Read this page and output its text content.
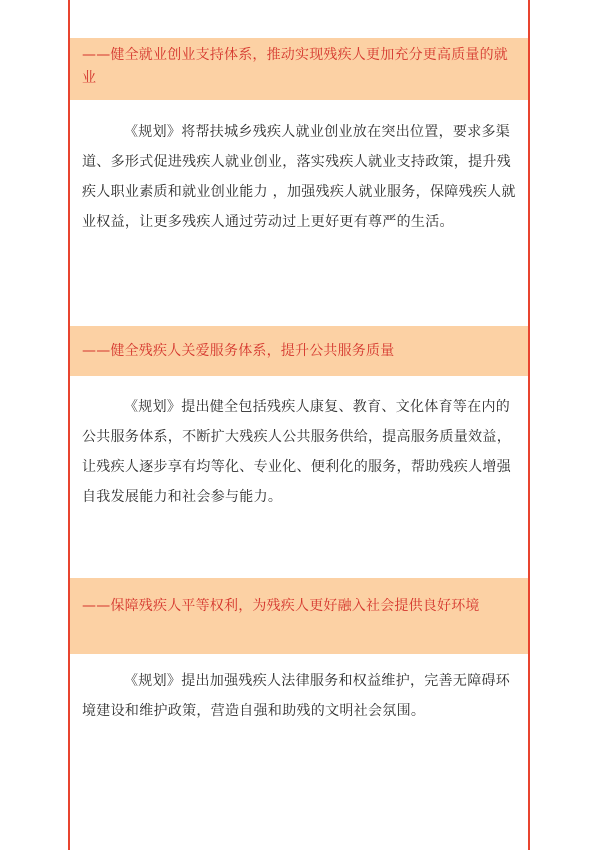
——健全就业创业支持体系，推动实现残疾人更加充分更高质量的就业

《规划》将帮扶城乡残疾人就业创业放在突出位置，要求多渠道、多形式促进残疾人就业创业，落实残疾人就业支持政策，提升残疾人职业素质和就业创业能力 ，加强残疾人就业服务，保障残疾人就业权益，让更多残疾人通过劳动过上更好更有尊严的生活。

——健全残疾人关爱服务体系，提升公共服务质量

《规划》提出健全包括残疾人康复、教育、文化体育等在内的公共服务体系，不断扩大残疾人公共服务供给，提高服务质量效益，让残疾人逐步享有均等化、专业化、便利化的服务，帮助残疾人增强自我发展能力和社会参与能力。

——保障残疾人平等权利，为残疾人更好融入社会提供良好环境

《规划》提出加强残疾人法律服务和权益维护，完善无障碍环境建设和维护政策，营造自强和助残的文明社会氛围。
